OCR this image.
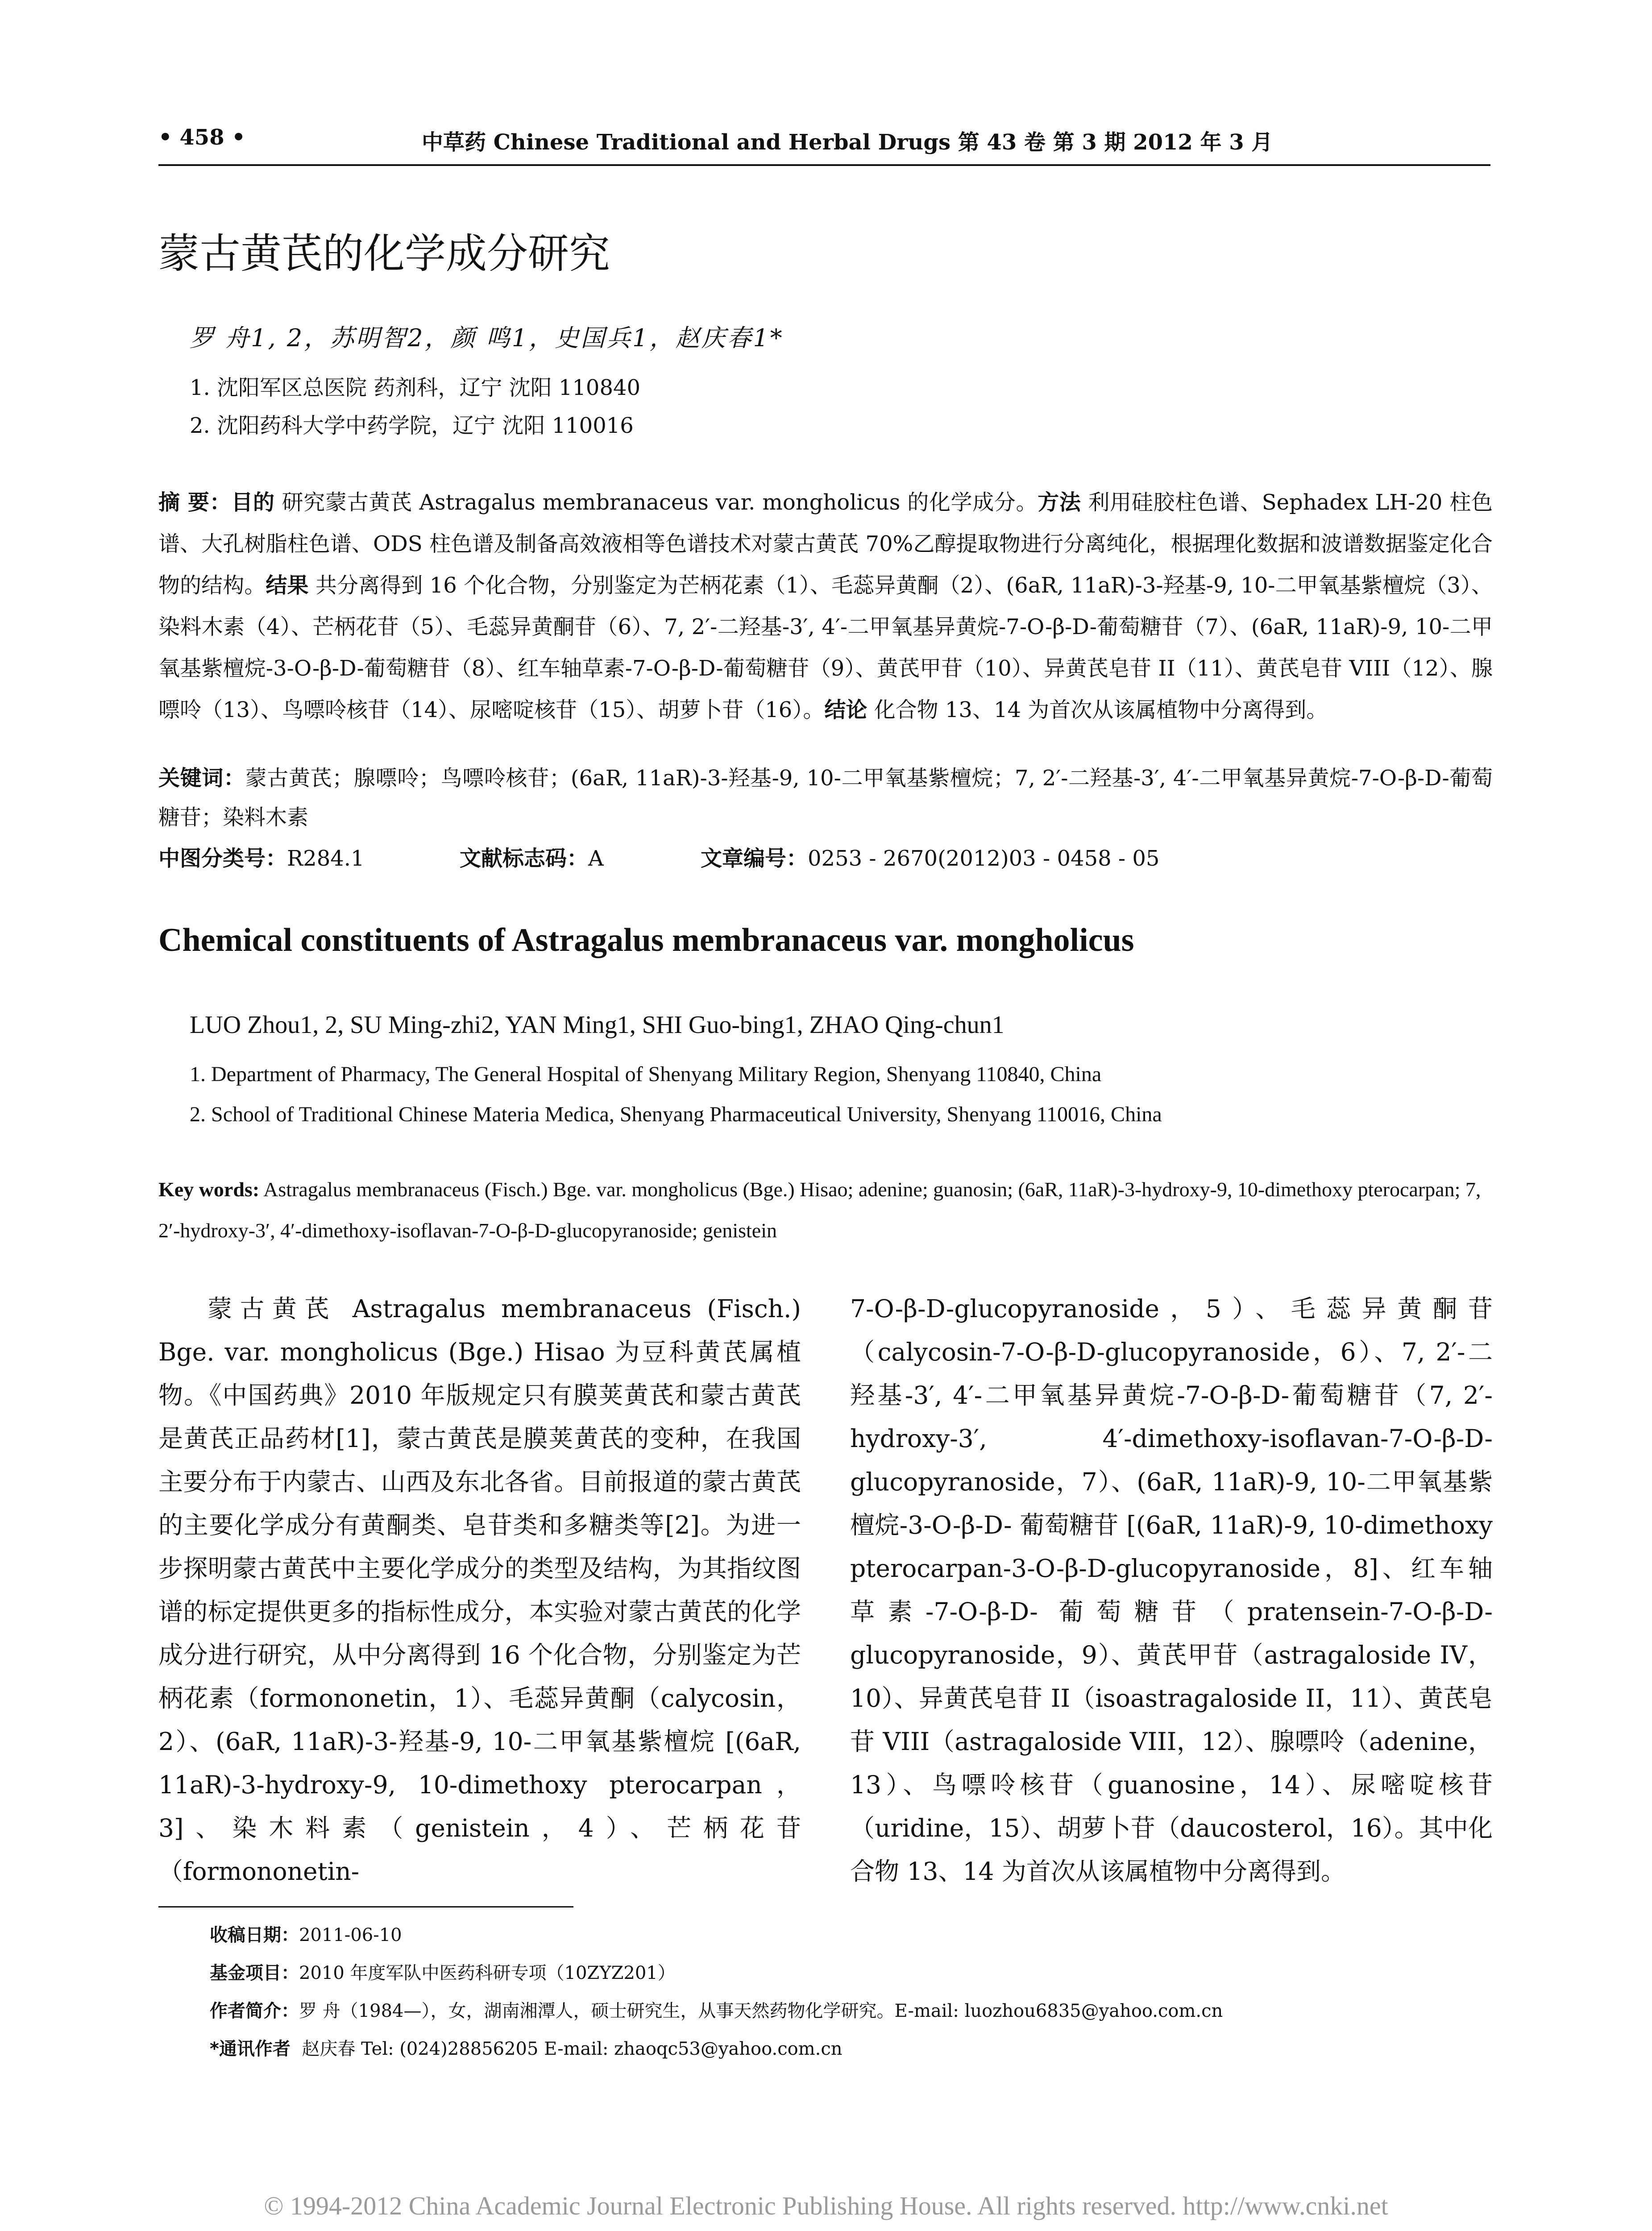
• 458 •	中草药 Chinese Traditional and Herbal Drugs 第 43 卷 第 3 期 2012 年 3 月
蒙古黄芪的化学成分研究
罗 舟1, 2，苏明智2，颜 鸣1，史国兵1，赵庆春1*
1. 沈阳军区总医院 药剂科，辽宁 沈阳 110840
2. 沈阳药科大学中药学院，辽宁 沈阳 110016
摘 要：目的 研究蒙古黄芪 Astragalus membranaceus var. mongholicus 的化学成分。方法 利用硅胶柱色谱、Sephadex LH-20 柱色谱、大孔树脂柱色谱、ODS 柱色谱及制备高效液相等色谱技术对蒙古黄芪 70%乙醇提取物进行分离纯化，根据理化数据和波谱数据鉴定化合物的结构。结果 共分离得到 16 个化合物，分别鉴定为芒柄花素（1）、毛蕊异黄酮（2）、(6aR, 11aR)-3-羟基-9, 10-二甲氧基紫檀烷（3）、染料木素（4）、芒柄花苷（5）、毛蕊异黄酮苷（6）、7, 2′-二羟基-3′, 4′-二甲氧基异黄烷-7-O-β-D-葡萄糖苷（7）、(6aR, 11aR)-9, 10-二甲氧基紫檀烷-3-O-β-D-葡萄糖苷（8）、红车轴草素-7-O-β-D-葡萄糖苷（9）、黄芪甲苷（10）、异黄芪皂苷 II（11）、黄芪皂苷 VIII（12）、腺嘌呤（13）、鸟嘌呤核苷（14）、尿嘧啶核苷（15）、胡萝卜苷（16）。结论 化合物 13、14 为首次从该属植物中分离得到。
关键词：蒙古黄芪；腺嘌呤；鸟嘌呤核苷；(6aR, 11aR)-3-羟基-9, 10-二甲氧基紫檀烷；7, 2′-二羟基-3′, 4′-二甲氧基异黄烷-7-O-β-D-葡萄糖苷；染料木素
中图分类号：R284.1	文献标志码：A	文章编号：0253 - 2670(2012)03 - 0458 - 05
Chemical constituents of Astragalus membranaceus var. mongholicus
LUO Zhou1, 2, SU Ming-zhi2, YAN Ming1, SHI Guo-bing1, ZHAO Qing-chun1
1. Department of Pharmacy, The General Hospital of Shenyang Military Region, Shenyang 110840, China
2. School of Traditional Chinese Materia Medica, Shenyang Pharmaceutical University, Shenyang 110016, China
Key words: Astragalus membranaceus (Fisch.) Bge. var. mongholicus (Bge.) Hisao; adenine; guanosin; (6aR, 11aR)-3-hydroxy-9, 10-dimethoxy pterocarpan; 7, 2′-hydroxy-3′, 4′-dimethoxy-isoflavan-7-O-β-D-glucopyranoside; genistein
蒙古黄芪 Astragalus membranaceus (Fisch.) Bge. var. mongholicus (Bge.) Hisao 为豆科黄芪属植物。《中国药典》2010 年版规定只有膜荚黄芪和蒙古黄芪是黄芪正品药材[1]，蒙古黄芪是膜荚黄芪的变种，在我国主要分布于内蒙古、山西及东北各省。目前报道的蒙古黄芪的主要化学成分有黄酮类、皂苷类和多糖类等[2]。为进一步探明蒙古黄芪中主要化学成分的类型及结构，为其指纹图谱的标定提供更多的指标性成分，本实验对蒙古黄芪的化学成分进行研究，从中分离得到 16 个化合物，分别鉴定为芒柄花素（formononetin，1）、毛蕊异黄酮（calycosin，2）、(6aR, 11aR)-3-羟基-9, 10-二甲氧基紫檀烷 [(6aR, 11aR)-3-hydroxy-9, 10-dimethoxy pterocarpan，3]、染木料素（genistein，4）、芒柄花苷（formononetin-
7-O-β-D-glucopyranoside，5）、毛蕊异黄酮苷（calycosin-7-O-β-D-glucopyranoside，6）、7, 2′-二羟基-3′, 4′-二甲氧基异黄烷-7-O-β-D-葡萄糖苷（7, 2′-hydroxy-3′, 4′-dimethoxy-isoflavan-7-O-β-D-glucopyranoside，7）、(6aR, 11aR)-9, 10-二甲氧基紫檀烷-3-O-β-D- 葡萄糖苷 [(6aR, 11aR)-9, 10-dimethoxy pterocarpan-3-O-β-D-glucopyranoside，8]、红车轴草素-7-O-β-D- 葡萄糖苷（pratensein-7-O-β-D-glucopyranoside，9）、黄芪甲苷（astragaloside IV，10）、异黄芪皂苷 II（isoastragaloside II，11）、黄芪皂苷 VIII（astragaloside VIII，12）、腺嘌呤（adenine，13）、鸟嘌呤核苷（guanosine，14）、尿嘧啶核苷（uridine，15）、胡萝卜苷（daucosterol，16）。其中化合物 13、14 为首次从该属植物中分离得到。
收稿日期：2011-06-10
基金项目：2010 年度军队中医药科研专项（10ZYZ201）
作者简介：罗 舟（1984—），女，湖南湘潭人，硕士研究生，从事天然药物化学研究。E-mail: luozhou6835@yahoo.com.cn
*通讯作者 赵庆春 Tel: (024)28856205 E-mail: zhaoqc53@yahoo.com.cn
© 1994-2012 China Academic Journal Electronic Publishing House. All rights reserved. http://www.cnki.net
